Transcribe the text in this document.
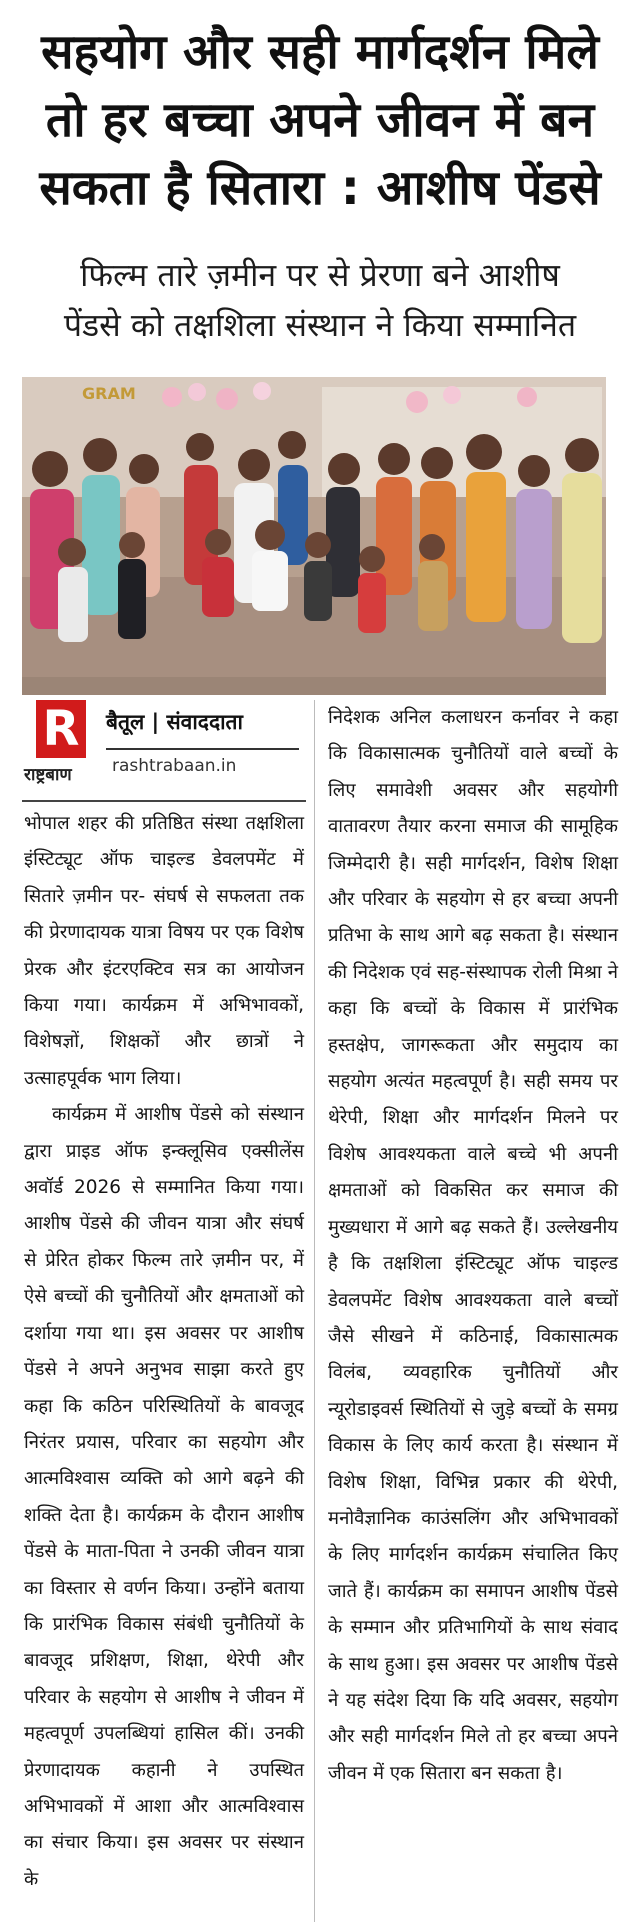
सहयोग और सही मार्गदर्शन मिले
तो हर बच्चा अपने जीवन में बन
सकता है सितारा : आशीष पेंडसे
फिल्म तारे ज़मीन पर से प्रेरणा बने आशीष
पेंडसे को तक्षशिला संस्थान ने किया सम्मानित
GRAM
R
राष्ट्रबाण
बैतूल | संवाददाता
rashtrabaan.in

भोपाल शहर की प्रतिष्ठित संस्था तक्षशिला इंस्टिट्यूट ऑफ चाइल्ड डेवलपमेंट में सितारे ज़मीन पर- संघर्ष से सफलता तक की प्रेरणादायक यात्रा विषय पर एक विशेष प्रेरक और इंटरएक्टिव सत्र का आयोजन किया गया। कार्यक्रम में अभिभावकों, विशेषज्ञों, शिक्षकों और छात्रों ने उत्साहपूर्वक भाग लिया।

कार्यक्रम में आशीष पेंडसे को संस्थान द्वारा प्राइड ऑफ इन्क्लूसिव एक्सीलेंस अवॉर्ड 2026 से सम्मानित किया गया। आशीष पेंडसे की जीवन यात्रा और संघर्ष से प्रेरित होकर फिल्म तारे ज़मीन पर, में ऐसे बच्चों की चुनौतियों और क्षमताओं को दर्शाया गया था। इस अवसर पर आशीष पेंडसे ने अपने अनुभव साझा करते हुए कहा कि कठिन परिस्थितियों के बावजूद निरंतर प्रयास, परिवार का सहयोग और आत्मविश्वास व्यक्ति को आगे बढ़ने की शक्ति देता है। कार्यक्रम के दौरान आशीष पेंडसे के माता-पिता ने उनकी जीवन यात्रा का विस्तार से वर्णन किया। उन्होंने बताया कि प्रारंभिक विकास संबंधी चुनौतियों के बावजूद प्रशिक्षण, शिक्षा, थेरेपी और परिवार के सहयोग से आशीष ने जीवन में महत्वपूर्ण उपलब्धियां हासिल कीं। उनकी प्रेरणादायक कहानी ने उपस्थित अभिभावकों में आशा और आत्मविश्वास का संचार किया। इस अवसर पर संस्थान के

निदेशक अनिल कलाधरन कर्नावर ने कहा कि विकासात्मक चुनौतियों वाले बच्चों के लिए समावेशी अवसर और सहयोगी वातावरण तैयार करना समाज की सामूहिक जिम्मेदारी है। सही मार्गदर्शन, विशेष शिक्षा और परिवार के सहयोग से हर बच्चा अपनी प्रतिभा के साथ आगे बढ़ सकता है। संस्थान की निदेशक एवं सह-संस्थापक रोली मिश्रा ने कहा कि बच्चों के विकास में प्रारंभिक हस्तक्षेप, जागरूकता और समुदाय का सहयोग अत्यंत महत्वपूर्ण है। सही समय पर थेरेपी, शिक्षा और मार्गदर्शन मिलने पर विशेष आवश्यकता वाले बच्चे भी अपनी क्षमताओं को विकसित कर समाज की मुख्यधारा में आगे बढ़ सकते हैं। उल्लेखनीय है कि तक्षशिला इंस्टिट्यूट ऑफ चाइल्ड डेवलपमेंट विशेष आवश्यकता वाले बच्चों जैसे सीखने में कठिनाई, विकासात्मक विलंब, व्यवहारिक चुनौतियों और न्यूरोडाइवर्स स्थितियों से जुड़े बच्चों के समग्र विकास के लिए कार्य करता है। संस्थान में विशेष शिक्षा, विभिन्न प्रकार की थेरेपी, मनोवैज्ञानिक काउंसलिंग और अभिभावकों के लिए मार्गदर्शन कार्यक्रम संचालित किए जाते हैं। कार्यक्रम का समापन आशीष पेंडसे के सम्मान और प्रतिभागियों के साथ संवाद के साथ हुआ। इस अवसर पर आशीष पेंडसे ने यह संदेश दिया कि यदि अवसर, सहयोग और सही मार्गदर्शन मिले तो हर बच्चा अपने जीवन में एक सितारा बन सकता है।
